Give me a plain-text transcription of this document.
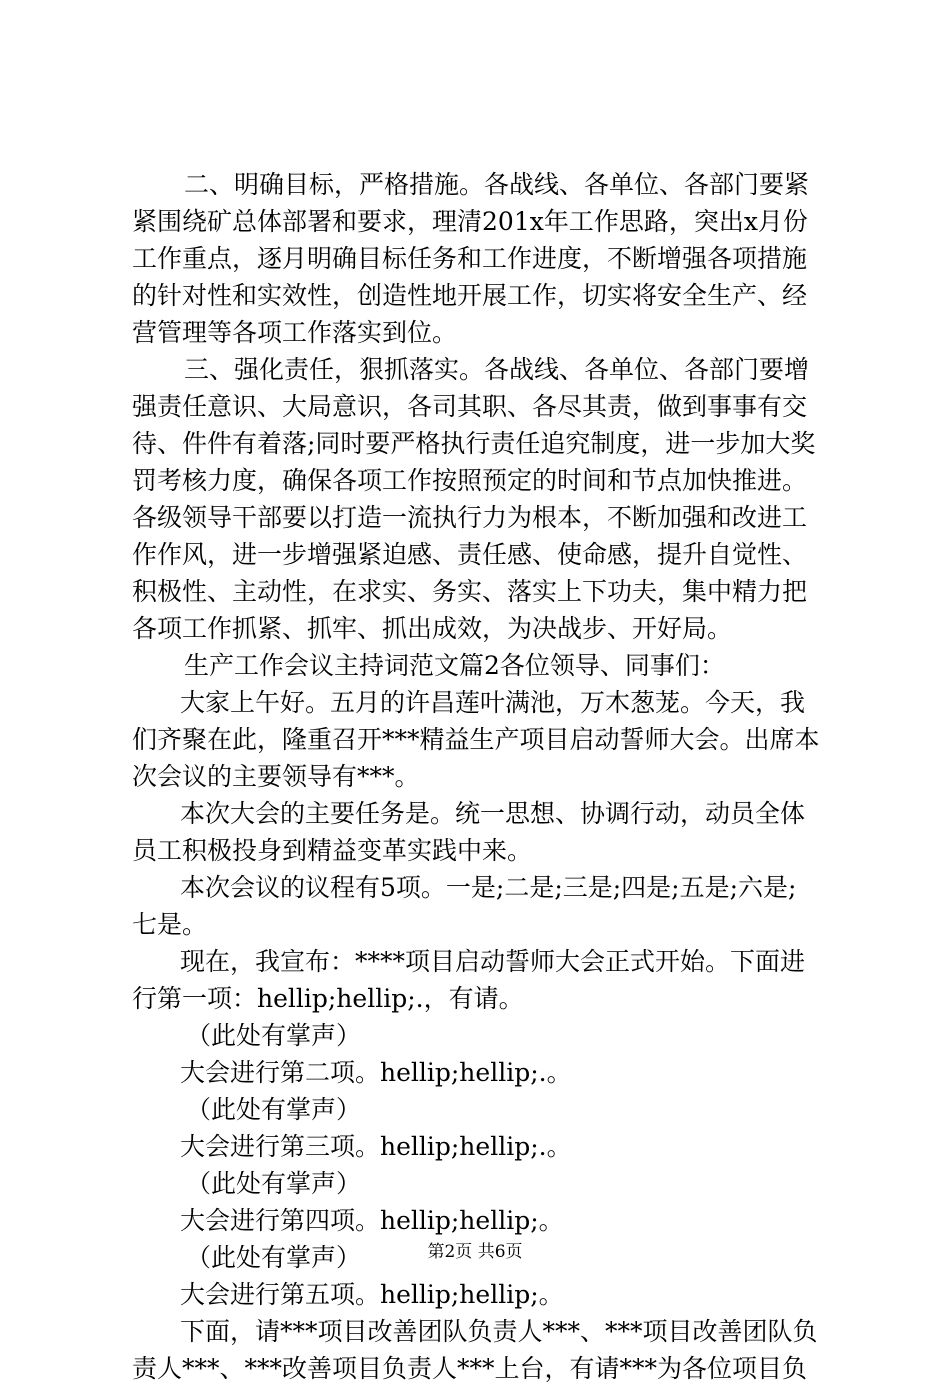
二、明确目标，严格措施。各战线、各单位、各部门要紧
紧围绕矿总体部署和要求，理清201x年工作思路，突出x月份
工作重点，逐月明确目标任务和工作进度，不断增强各项措施
的针对性和实效性，创造性地开展工作，切实将安全生产、经
营管理等各项工作落实到位。
三、强化责任，狠抓落实。各战线、各单位、各部门要增
强责任意识、大局意识，各司其职、各尽其责，做到事事有交
待、件件有着落;同时要严格执行责任追究制度，进一步加大奖
罚考核力度，确保各项工作按照预定的时间和节点加快推进。
各级领导干部要以打造一流执行力为根本，不断加强和改进工
作作风，进一步增强紧迫感、责任感、使命感，提升自觉性、
积极性、主动性，在求实、务实、落实上下功夫，集中精力把
各项工作抓紧、抓牢、抓出成效，为决战步、开好局。
生产工作会议主持词范文篇2各位领导、同事们：
大家上午好。五月的许昌莲叶满池，万木葱茏。今天，我
们齐聚在此，隆重召开***精益生产项目启动誓师大会。出席本
次会议的主要领导有***。
本次大会的主要任务是。统一思想、协调行动，动员全体
员工积极投身到精益变革实践中来。
本次会议的议程有5项。一是;二是;三是;四是;五是;六是;
七是。
现在，我宣布：****项目启动誓师大会正式开始。下面进
行第一项：hellip;hellip;.，有请。
（此处有掌声）
大会进行第二项。hellip;hellip;.。
（此处有掌声）
大会进行第三项。hellip;hellip;.。
（此处有掌声）
大会进行第四项。hellip;hellip;。
（此处有掌声）
大会进行第五项。hellip;hellip;。
下面，请***项目改善团队负责人***、***项目改善团队负
责人***、***改善项目负责人***上台，有请***为各位项目负
第2页 共6页
